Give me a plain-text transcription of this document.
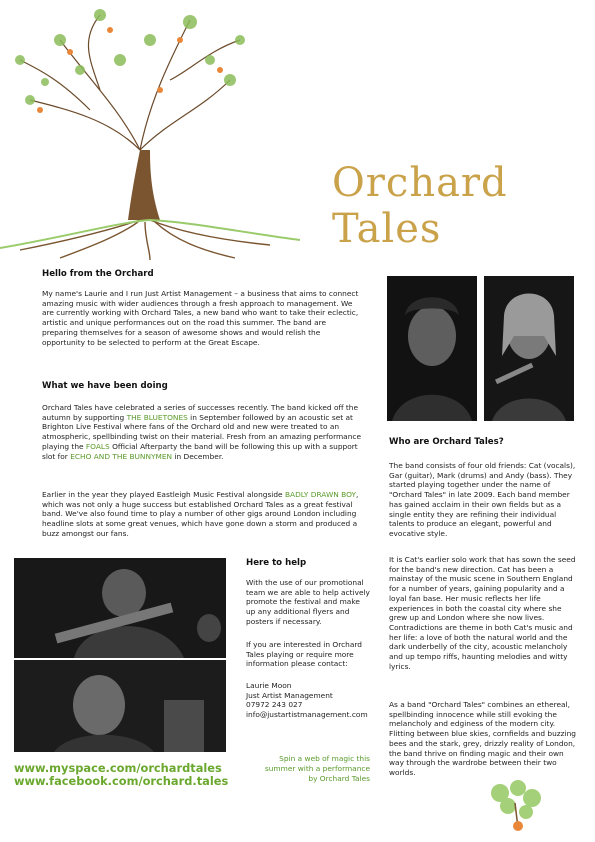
Orchard Tales
Hello from the Orchard

My name's Laurie and I run Just Artist Management – a business that aims to connect amazing music with wider audiences through a fresh approach to management. We are currently working with Orchard Tales, a new band who want to take their eclectic, artistic and unique performances out on the road this summer. The band are preparing themselves for a season of awesome shows and would relish the opportunity to be selected to perform at the Great Escape.

What we have been doing

Orchard Tales have celebrated a series of successes recently. The band kicked off the autumn by supporting THE BLUETONES in September followed by an acoustic set at Brighton Live Festival where fans of the Orchard old and new were treated to an atmospheric, spellbinding twist on their material. Fresh from an amazing performance playing the FOALS Official Afterparty the band will be following this up with a support slot for ECHO AND THE BUNNYMEN in December.

Earlier in the year they played Eastleigh Music Festival alongside BADLY DRAWN BOY, which was not only a huge success but established Orchard Tales as a great festival band. We've also found time to play a number of other gigs around London including headline slots at some great venues, which have gone down a storm and produced a buzz amongst our fans.

Here to help

With the use of our promotional team we are able to help actively promote the festival and make up any additional flyers and posters if necessary.

If you are interested in Orchard Tales playing or require more information please contact:

Laurie Moon
Just Artist Management
07972 243 027
info@justartistmanagement.com
Spin a web of magic this
summer with a performance
by Orchard Tales
www.myspace.com/orchardtales
www.facebook.com/orchard.tales
Who are Orchard Tales?

The band consists of four old friends: Cat (vocals), Gar (guitar), Mark (drums) and Andy (bass). They started playing together under the name of "Orchard Tales" in late 2009. Each band member has gained acclaim in their own fields but as a single entity they are refining their individual talents to produce an elegant, powerful and evocative style.

It is Cat's earlier solo work that has sown the seed for the band's new direction. Cat has been a mainstay of the music scene in Southern England for a number of years, gaining popularity and a loyal fan base. Her music reflects her life experiences in both the coastal city where she grew up and London where she now lives. Contradictions are theme in both Cat's music and her life: a love of both the natural world and the dark underbelly of the city, acoustic melancholy and up tempo riffs, haunting melodies and witty lyrics.

As a band "Orchard Tales" combines an ethereal, spellbinding innocence while still evoking the melancholy and edginess of the modern city. Flitting between blue skies, cornfields and buzzing bees and the stark, grey, drizzly reality of London, the band thrive on finding magic and their own way through the wardrobe between their two worlds.
